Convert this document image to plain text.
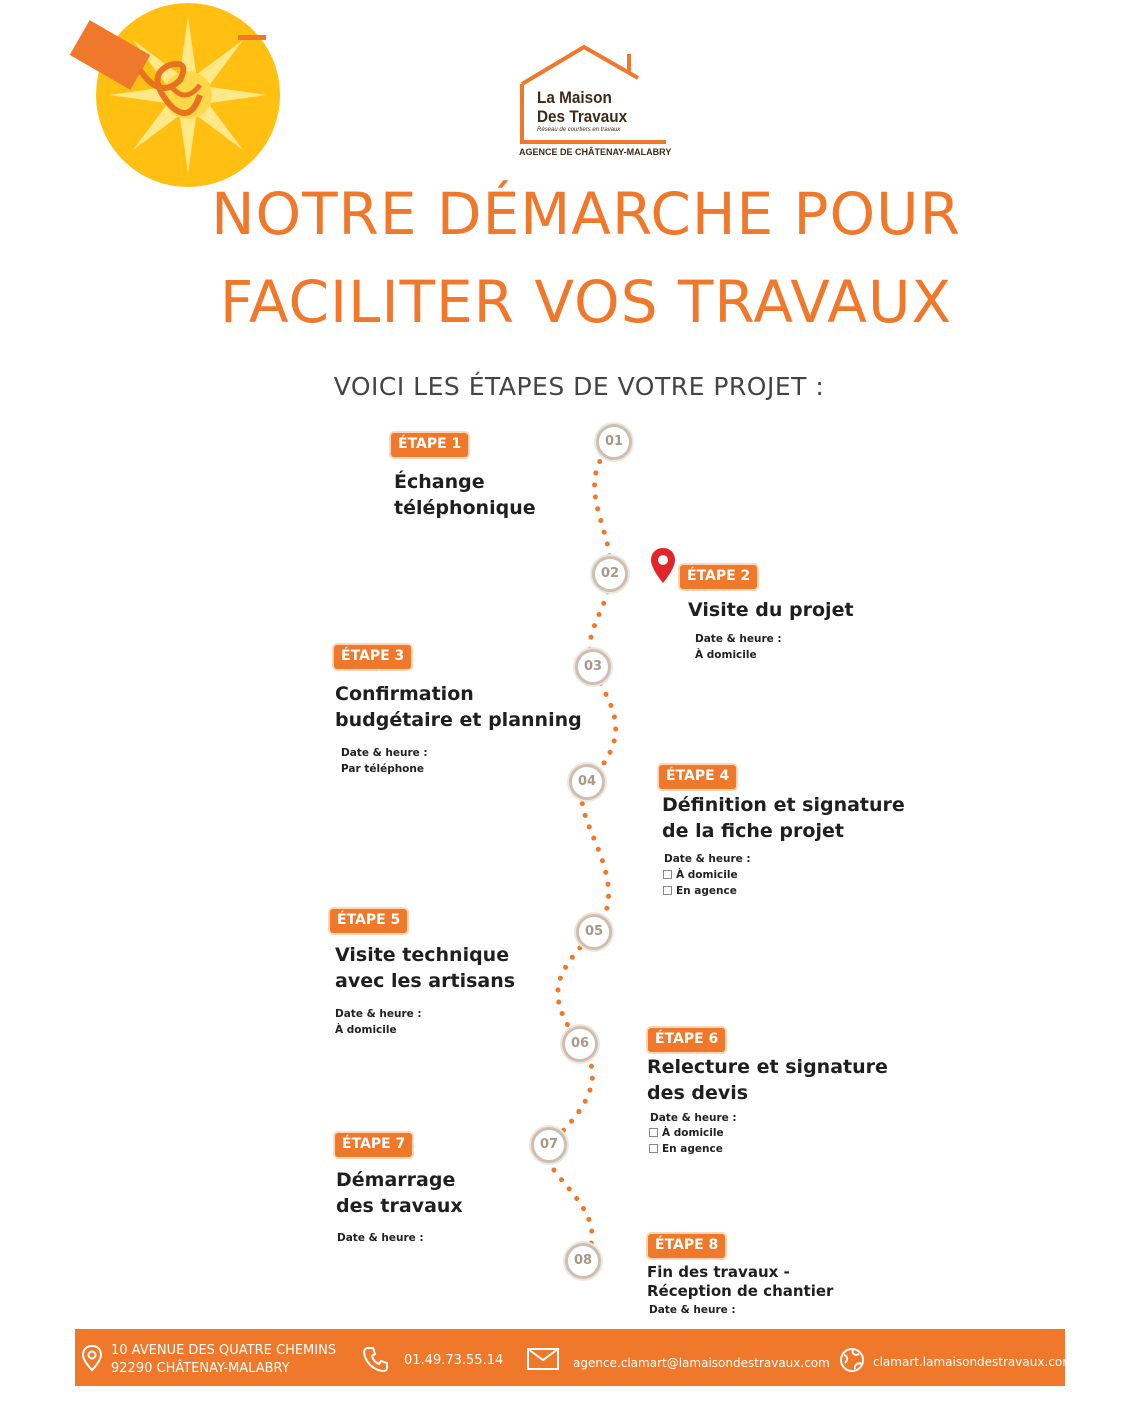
La Maison
Des Travaux
Réseau de courtiers en travaux
AGENCE DE CHÂTENAY-MALABRY
NOTRE DÉMARCHE POUR
FACILITER VOS TRAVAUX
VOICI LES ÉTAPES DE VOTRE PROJET :
01
02
03
04
05
06
07
08
ÉTAPE 1
Échange
téléphonique
ÉTAPE 2
Visite du projet
Date & heure :
À domicile
ÉTAPE 3
Confirmation
budgétaire et planning
Date & heure :
Par téléphone	ÉTAPE 4
Définition et signature
de la fiche projet
Date & heure :
À domicile
En agence
ÉTAPE 5
Visite technique
avec les artisans
Date & heure :
À domicile
ÉTAPE 6
Relecture et signature
des devis
Date & heure :
À domicile
En agence
ÉTAPE 7
Démarrage
des travaux
Date & heure :	ÉTAPE 8
Fin des travaux -
Réception de chantier
Date & heure :
10 AVENUE DES QUATRE CHEMINS
92290 CHÂTENAY-MALABRY
01.49.73.55.14	agence.clamart@lamaisondestravaux.com	clamart.lamaisondestravaux.com
